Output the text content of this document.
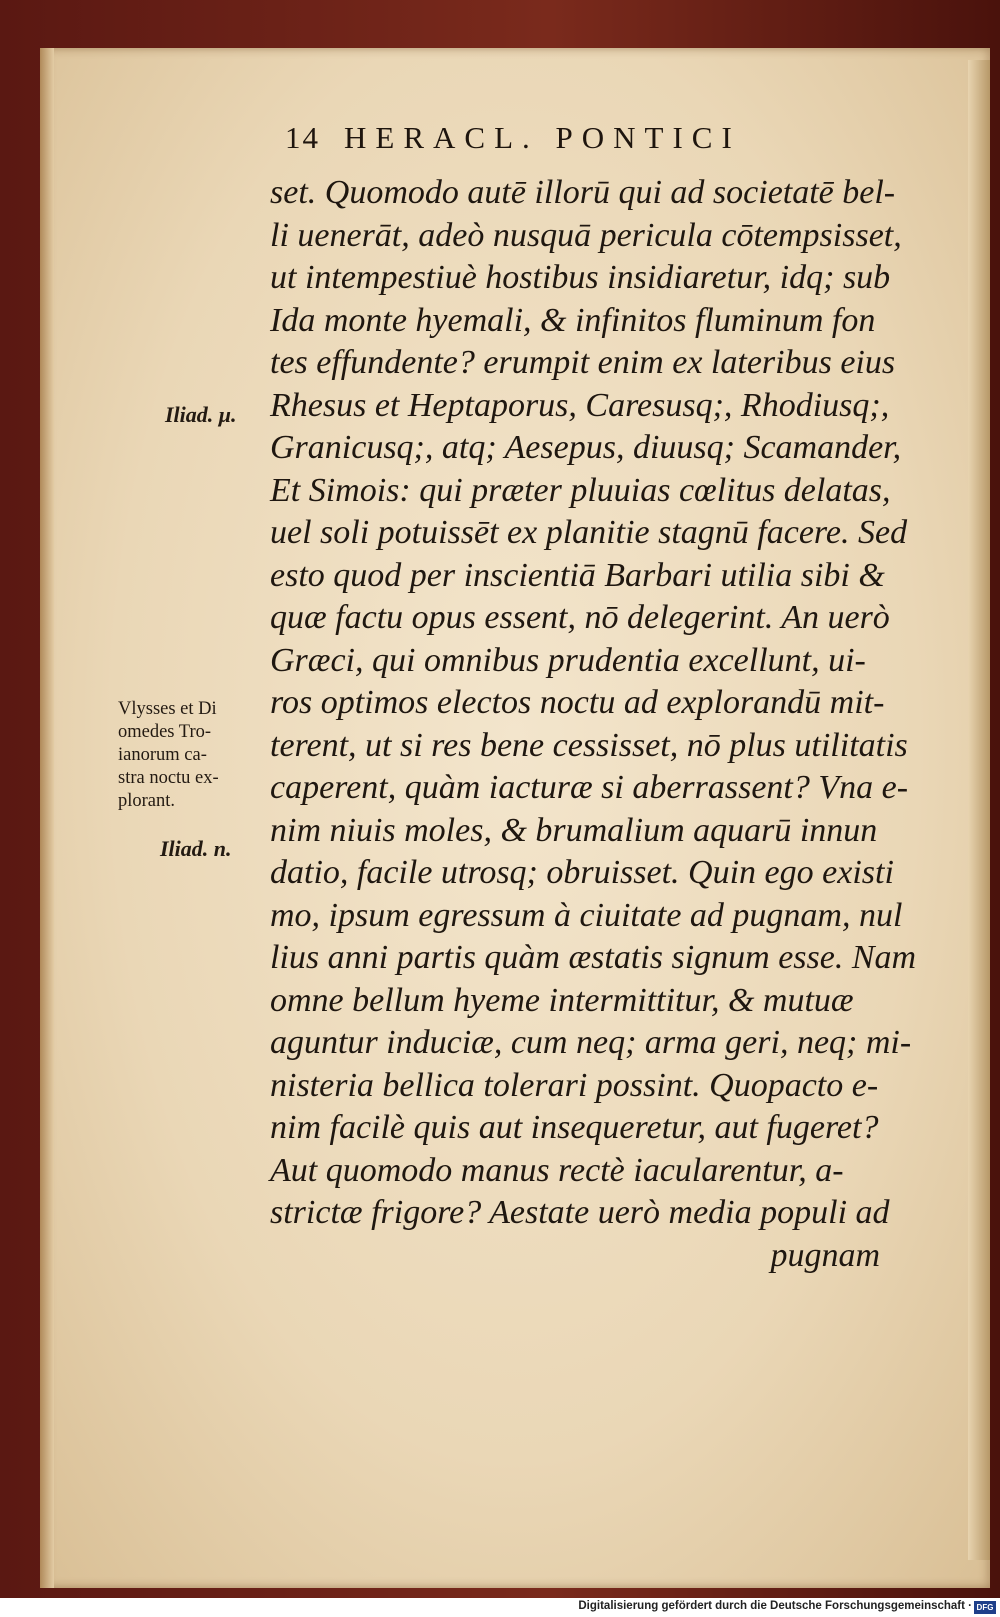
14 HERACL. PONTICI
set. Quomodo autē illorū qui ad societatē bel-
li uenerāt, adeò nusquā pericula cōtempsisset,
ut intempestiuè hostibus insidiaretur, idq; sub
Ida monte hyemali, & infinitos fluminum fon
tes effundente? erumpit enim ex lateribus eius
Rhesus et Heptaporus, Caresusq;, Rhodiusq;,
Granicusq;, atq; Aesepus, diuusq; Scamander,
Et Simois: qui præter pluuias cœlitus delatas,
uel soli potuissēt ex planitie stagnū facere. Sed
esto quod per inscientiā Barbari utilia sibi &
quæ factu opus essent, nō delegerint. An uerò
Græci, qui omnibus prudentia excellunt, ui-
ros optimos electos noctu ad explorandū mit-
terent, ut si res bene cessisset, nō plus utilitatis
caperent, quàm iacturæ si aberrassent? Vna e-
nim niuis moles, & brumalium aquarū innun
datio, facile utrosq; obruisset. Quin ego existi
mo, ipsum egressum à ciuitate ad pugnam, nul
lius anni partis quàm æstatis signum esse. Nam
omne bellum hyeme intermittitur, & mutuæ
aguntur induciæ, cum neq; arma geri, neq; mi-
nisteria bellica tolerari possint. Quopacto e-
nim facilè quis aut insequeretur, aut fugeret?
Aut quomodo manus rectè iacularentur, a-
strictæ frigore? Aestate uerò media populi ad
pugnam
Iliad. μ.
Vlysses et Di
omedes Tro-
ianorum ca-
stra noctu ex-
plorant.
Iliad. n.
Digitalisierung gefördert durch die Deutsche Forschungsgemeinschaft · DFG
